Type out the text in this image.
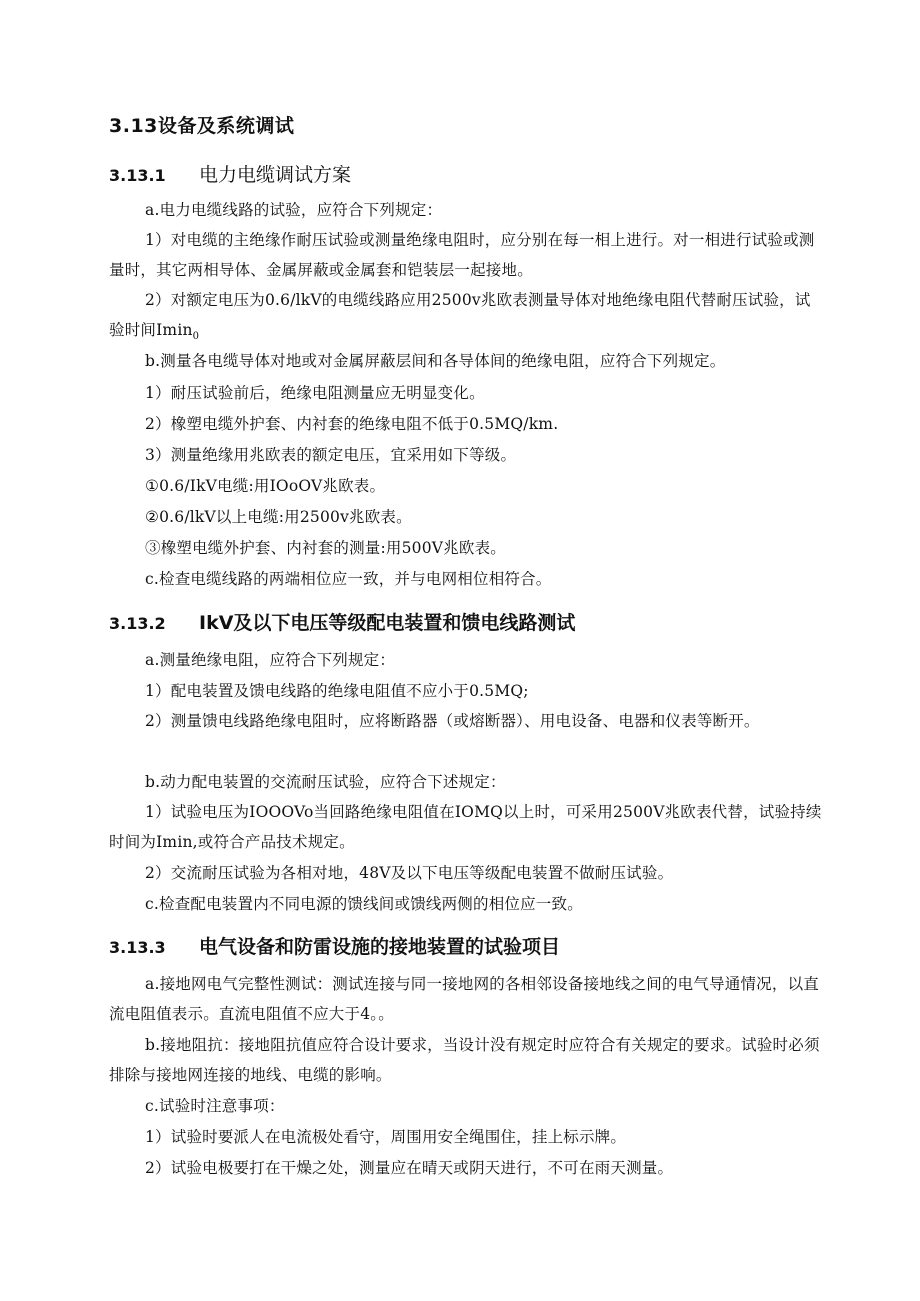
3.13设备及系统调试
3.13.1 电力电缆调试方案
a.电力电缆线路的试验，应符合下列规定：
1）对电缆的主绝缘作耐压试验或测量绝缘电阻时，应分别在每一相上进行。对一相进行试验或测量时，其它两相导体、金属屏蔽或金属套和铠装层一起接地。
2）对额定电压为0.6/lkV的电缆线路应用2500v兆欧表测量导体对地绝缘电阻代替耐压试验，试验时间Imin$_0$
b.测量各电缆导体对地或对金属屏蔽层间和各导体间的绝缘电阻，应符合下列规定。
1）耐压试验前后，绝缘电阻测量应无明显变化。
2）橡塑电缆外护套、内衬套的绝缘电阻不低于0.5MQ/km.
3）测量绝缘用兆欧表的额定电压，宜采用如下等级。
①0.6/IkV电缆:用IOoOV兆欧表。
②0.6/lkV以上电缆:用2500v兆欧表。
③橡塑电缆外护套、内衬套的测量:用500V兆欧表。
c.检查电缆线路的两端相位应一致，并与电网相位相符合。
3.13.2 IkV及以下电压等级配电装置和馈电线路测试
a.测量绝缘电阻，应符合下列规定：
1）配电装置及馈电线路的绝缘电阻值不应小于0.5MQ;
2）测量馈电线路绝缘电阻时，应将断路器（或熔断器）、用电设备、电器和仪表等断开。
b.动力配电装置的交流耐压试验，应符合下述规定：
1）试验电压为IOOOVo当回路绝缘电阻值在IOMQ以上时，可采用2500V兆欧表代替，试验持续时间为Imin,或符合产品技术规定。
2）交流耐压试验为各相对地，48V及以下电压等级配电装置不做耐压试验。
c.检查配电装置内不同电源的馈线间或馈线两侧的相位应一致。
3.13.3 电气设备和防雷设施的接地装置的试验项目
a.接地网电气完整性测试：测试连接与同一接地网的各相邻设备接地线之间的电气导通情况，以直流电阻值表示。直流电阻值不应大于4。。
b.接地阻抗：接地阻抗值应符合设计要求，当设计没有规定时应符合有关规定的要求。试验时必须排除与接地网连接的地线、电缆的影响。
c.试验时注意事项：
1）试验时要派人在电流极处看守，周围用安全绳围住，挂上标示牌。
2）试验电极要打在干燥之处，测量应在晴天或阴天进行，不可在雨天测量。
